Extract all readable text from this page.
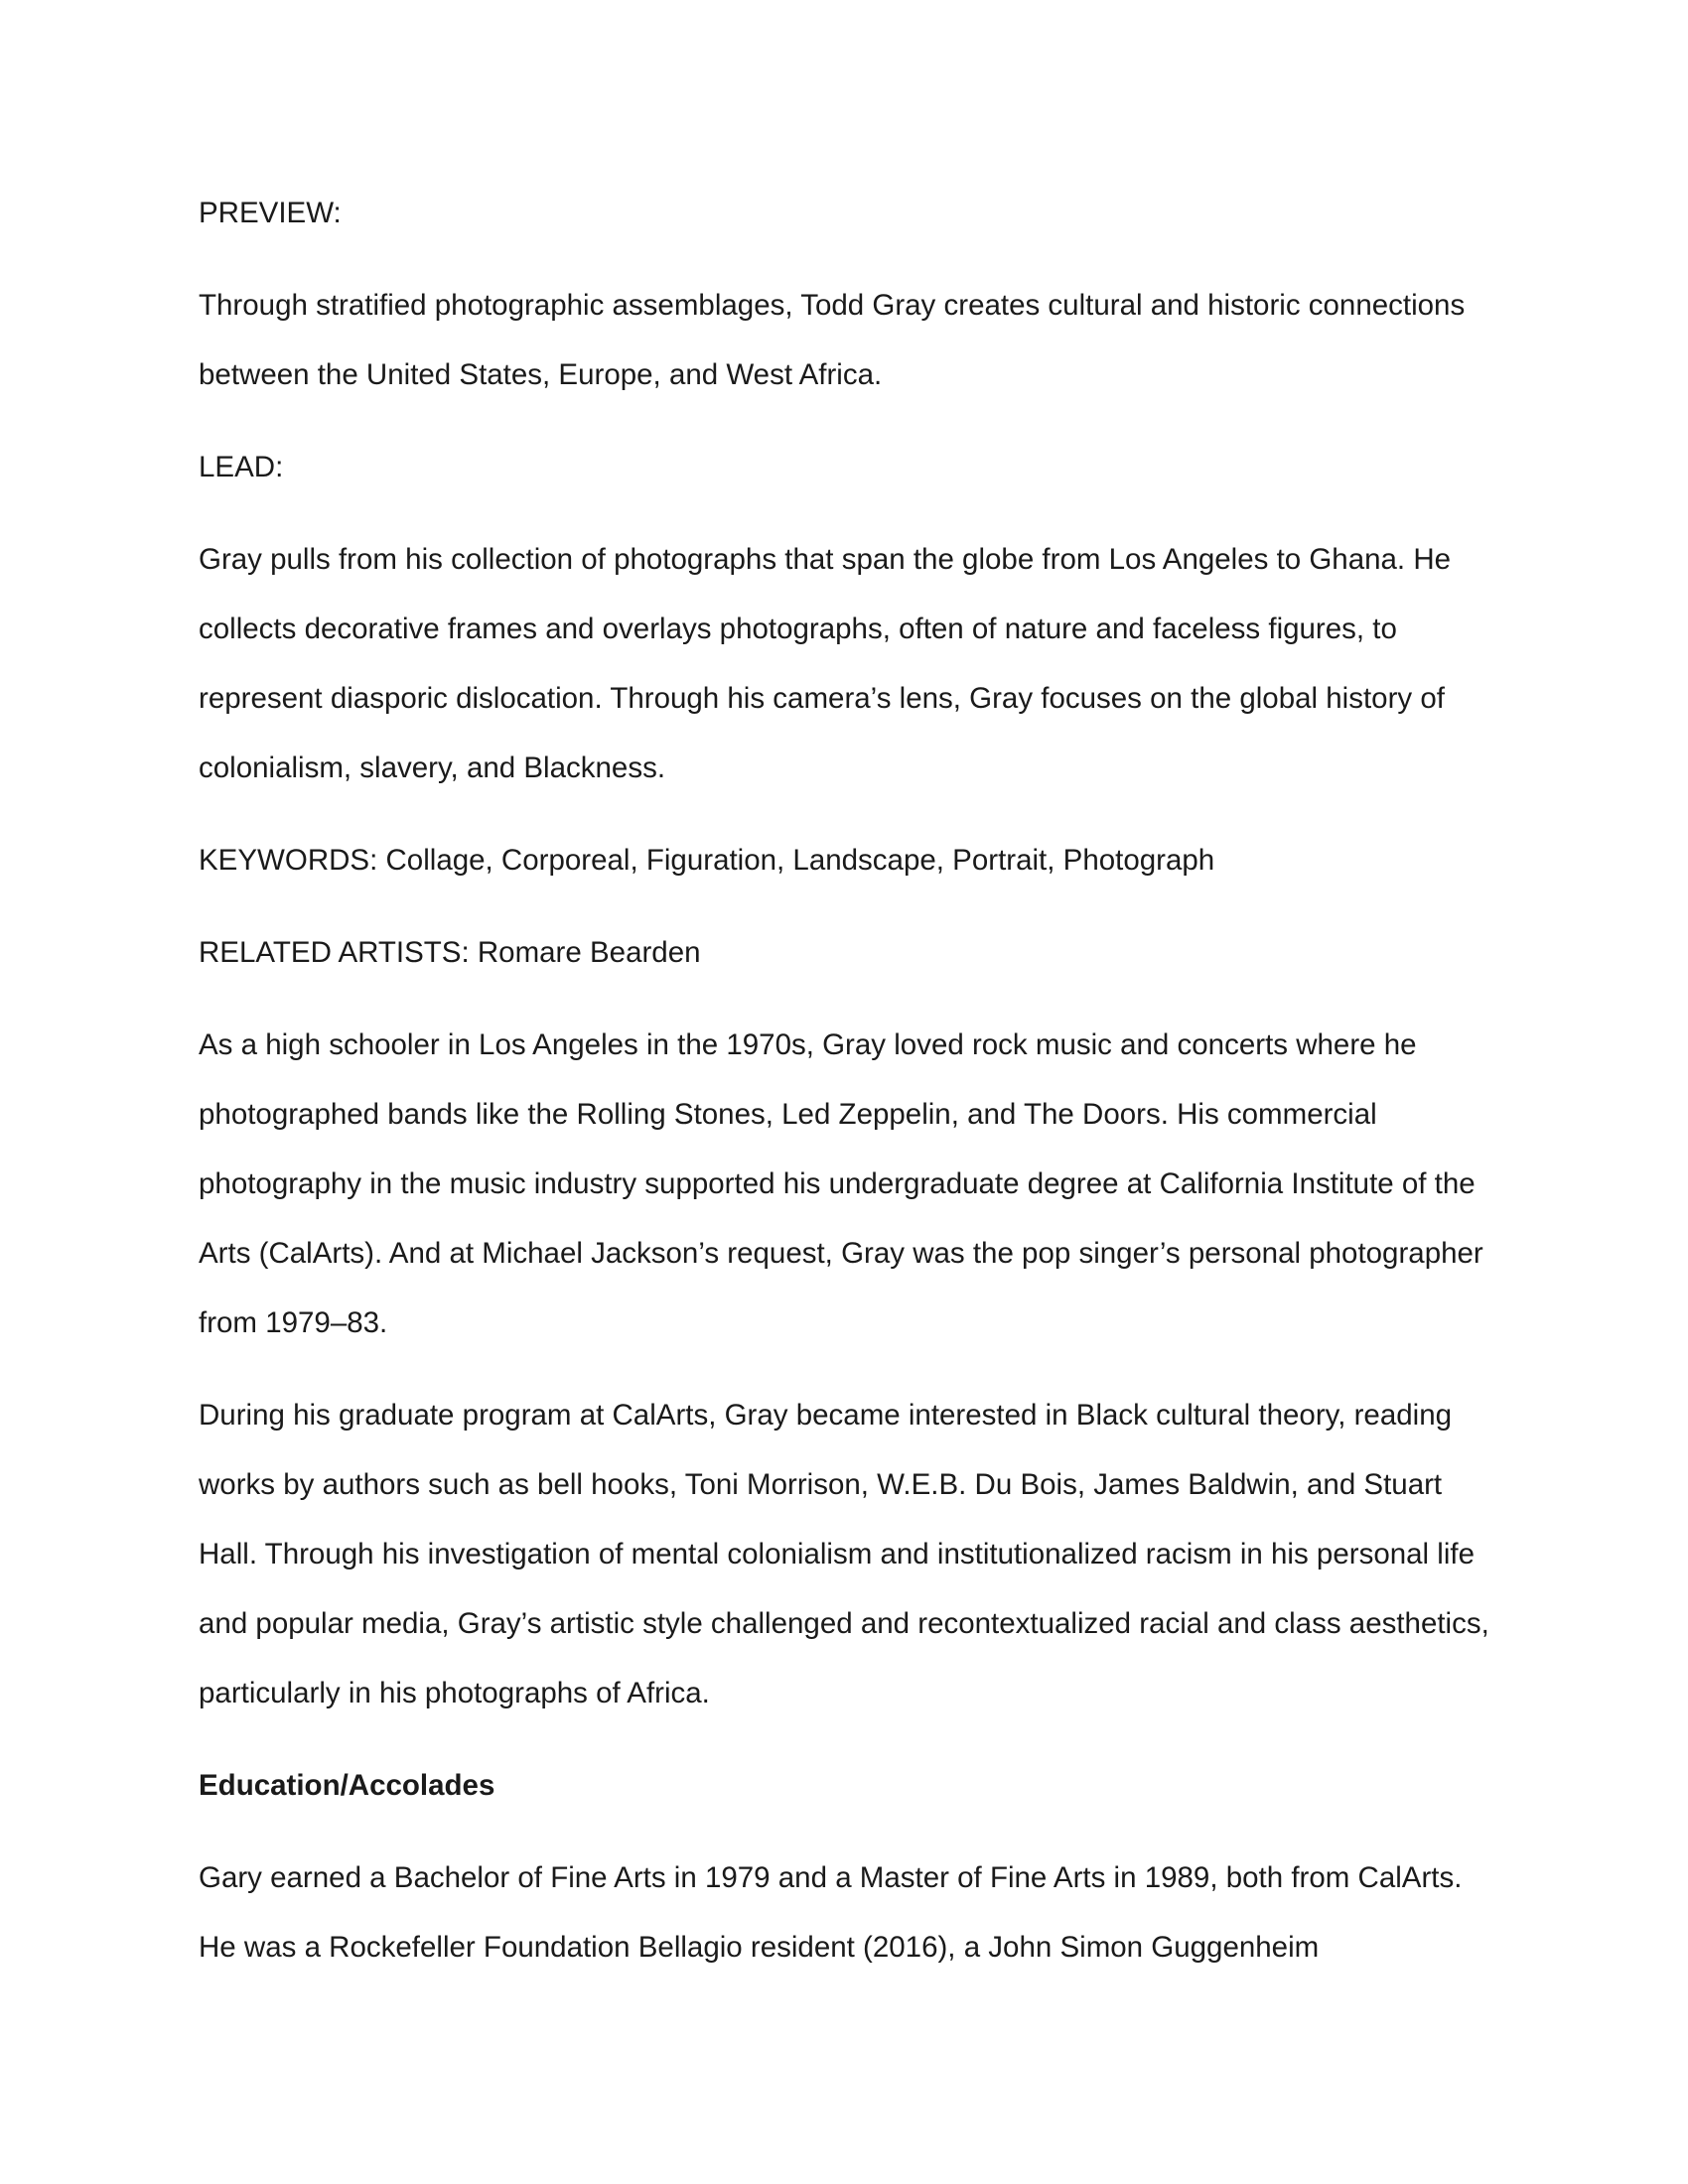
PREVIEW:

Through stratified photographic assemblages, Todd Gray creates cultural and historic connections between the United States, Europe, and West Africa.

LEAD:

Gray pulls from his collection of photographs that span the globe from Los Angeles to Ghana. He collects decorative frames and overlays photographs, often of nature and faceless figures, to represent diasporic dislocation. Through his camera’s lens, Gray focuses on the global history of colonialism, slavery, and Blackness.

KEYWORDS: Collage, Corporeal, Figuration, Landscape, Portrait, Photograph

RELATED ARTISTS: Romare Bearden

As a high schooler in Los Angeles in the 1970s, Gray loved rock music and concerts where he photographed bands like the Rolling Stones, Led Zeppelin, and The Doors. His commercial photography in the music industry supported his undergraduate degree at California Institute of the Arts (CalArts). And at Michael Jackson’s request, Gray was the pop singer’s personal photographer from 1979–83.

During his graduate program at CalArts, Gray became interested in Black cultural theory, reading works by authors such as bell hooks, Toni Morrison, W.E.B. Du Bois, James Baldwin, and Stuart Hall. Through his investigation of mental colonialism and institutionalized racism in his personal life and popular media, Gray’s artistic style challenged and recontextualized racial and class aesthetics, particularly in his photographs of Africa.

Education/Accolades

Gary earned a Bachelor of Fine Arts in 1979 and a Master of Fine Arts in 1989, both from CalArts. He was a Rockefeller Foundation Bellagio resident (2016), a John Simon Guggenheim
